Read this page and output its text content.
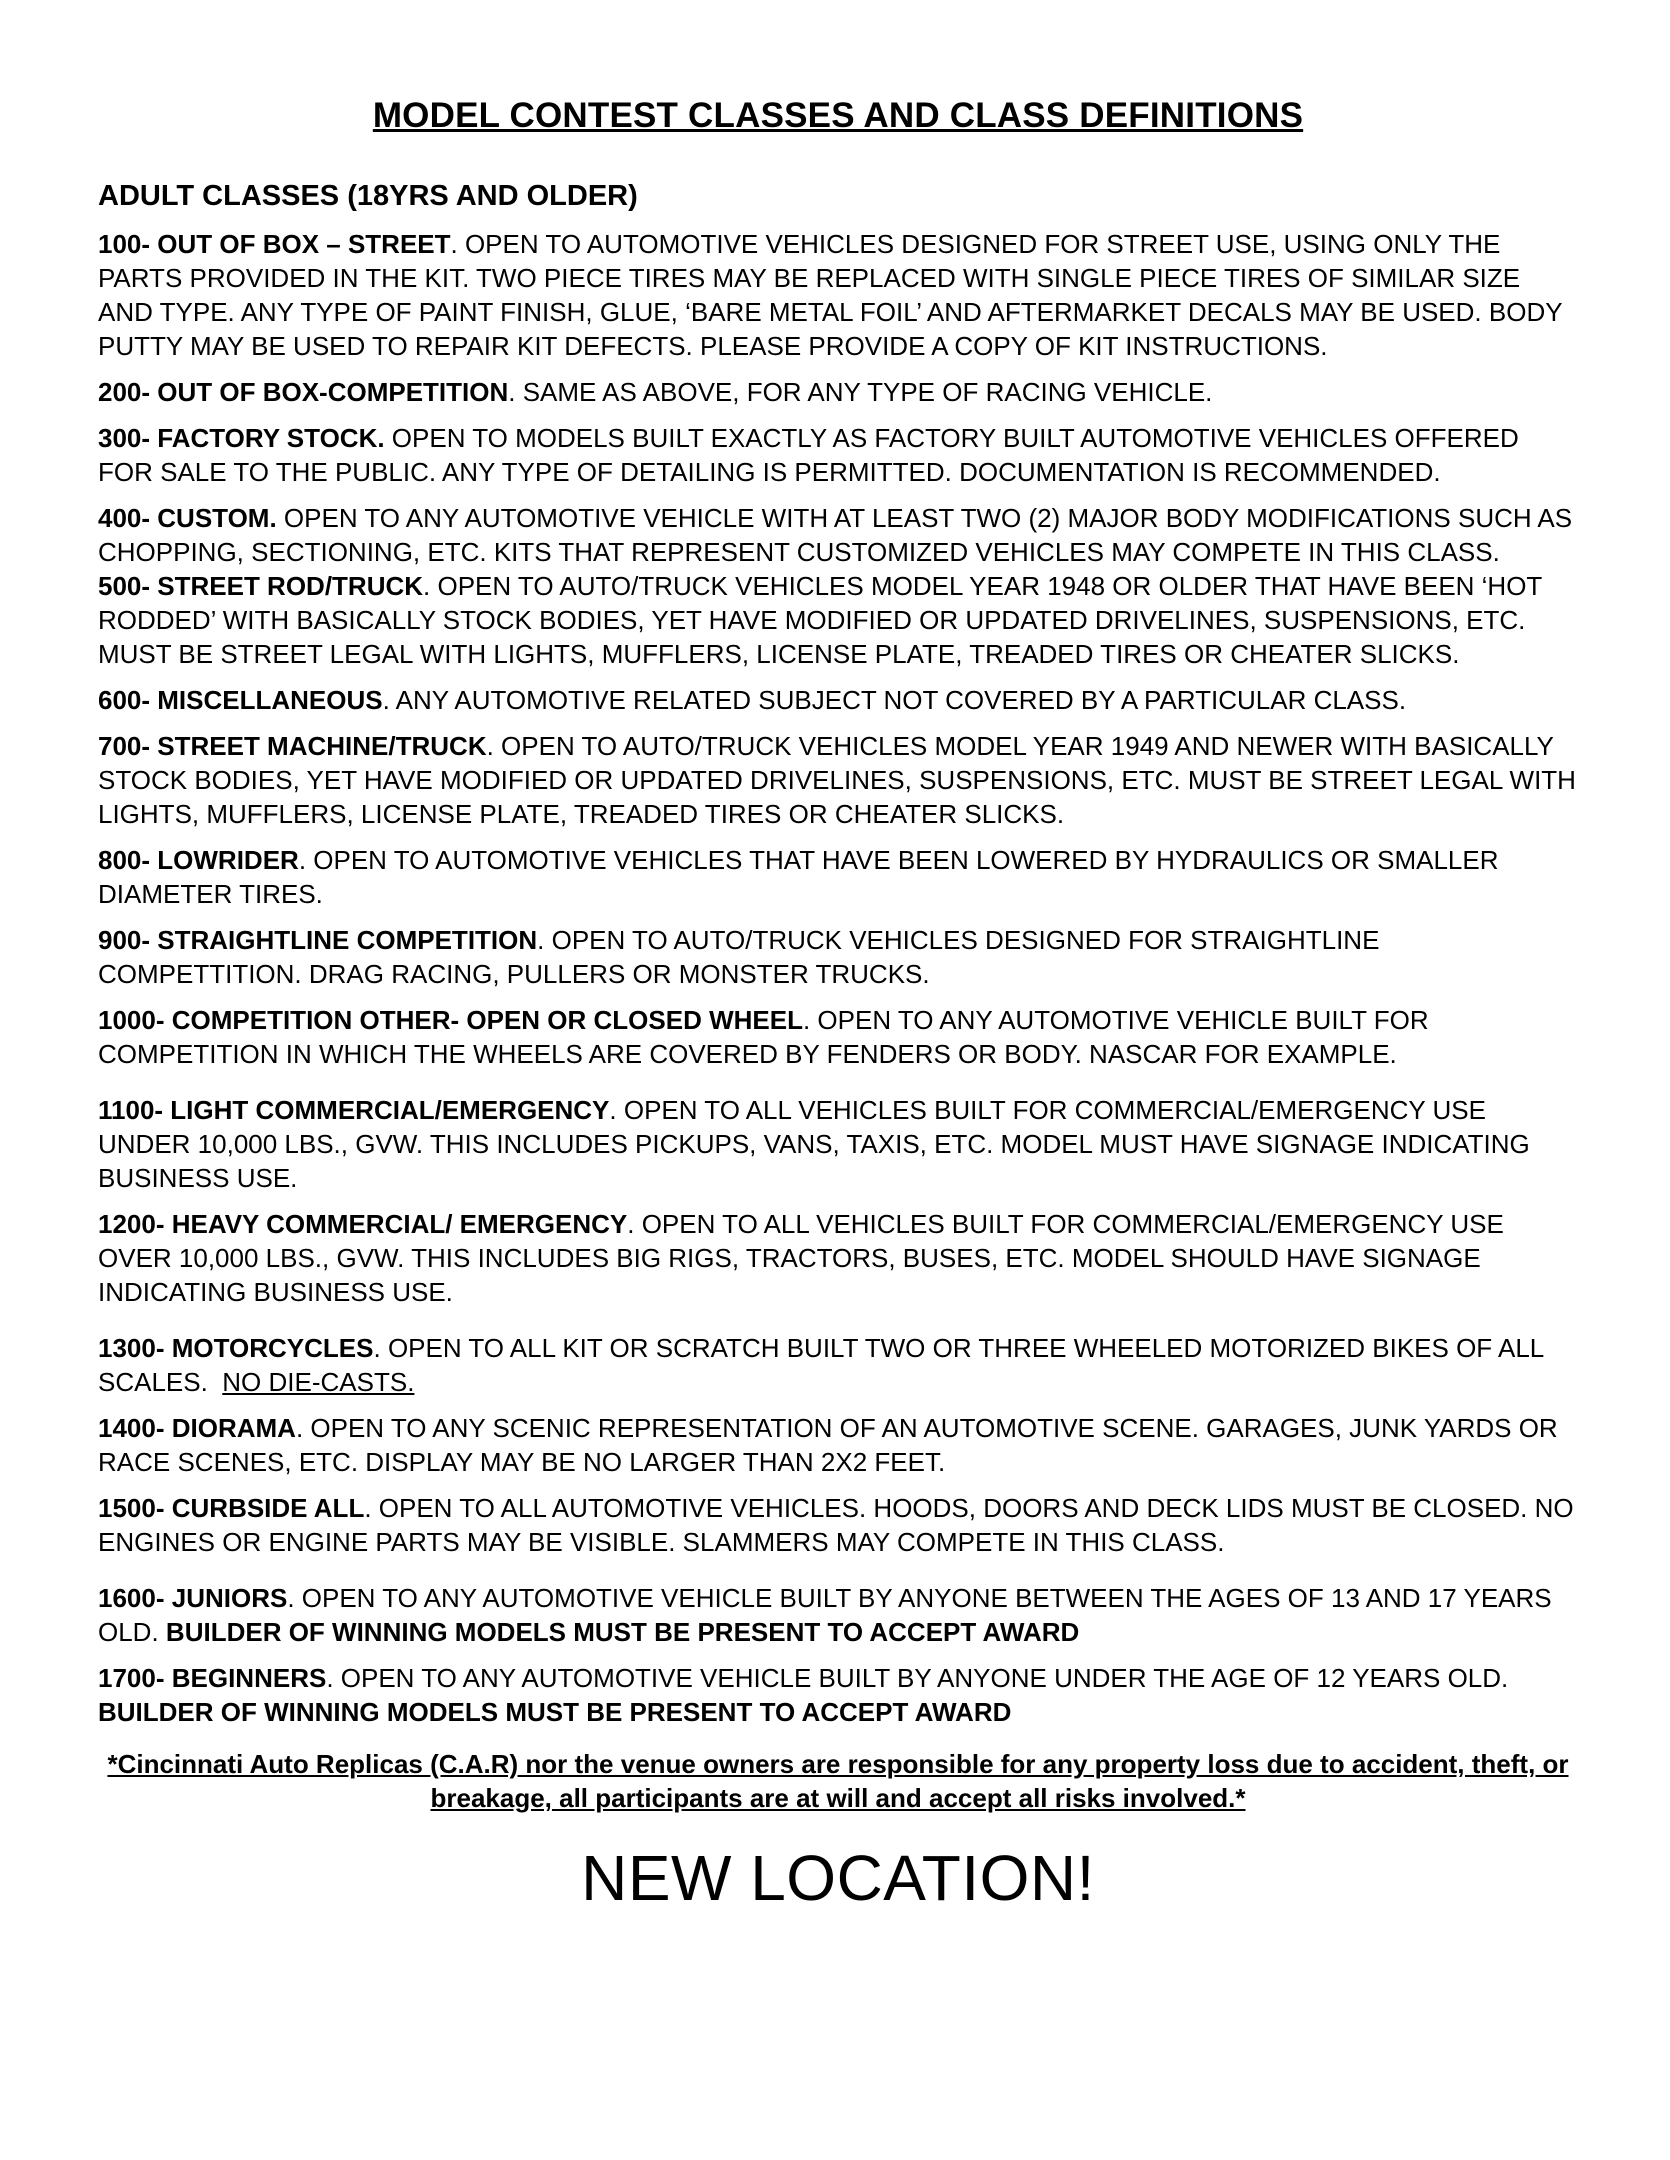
MODEL CONTEST CLASSES AND CLASS DEFINITIONS
ADULT CLASSES (18YRS AND OLDER)
100- OUT OF BOX – STREET. OPEN TO AUTOMOTIVE VEHICLES DESIGNED FOR STREET USE, USING ONLY THE PARTS PROVIDED IN THE KIT. TWO PIECE TIRES MAY BE REPLACED WITH SINGLE PIECE TIRES OF SIMILAR SIZE AND TYPE. ANY TYPE OF PAINT FINISH, GLUE, ‘BARE METAL FOIL’ AND AFTERMARKET DECALS MAY BE USED. BODY PUTTY MAY BE USED TO REPAIR KIT DEFECTS. PLEASE PROVIDE A COPY OF KIT INSTRUCTIONS.
200- OUT OF BOX-COMPETITION. SAME AS ABOVE, FOR ANY TYPE OF RACING VEHICLE.
300- FACTORY STOCK. OPEN TO MODELS BUILT EXACTLY AS FACTORY BUILT AUTOMOTIVE VEHICLES OFFERED FOR SALE TO THE PUBLIC. ANY TYPE OF DETAILING IS PERMITTED. DOCUMENTATION IS RECOMMENDED.
400- CUSTOM. OPEN TO ANY AUTOMOTIVE VEHICLE WITH AT LEAST TWO (2) MAJOR BODY MODIFICATIONS SUCH AS CHOPPING, SECTIONING, ETC. KITS THAT REPRESENT CUSTOMIZED VEHICLES MAY COMPETE IN THIS CLASS.
500- STREET ROD/TRUCK. OPEN TO AUTO/TRUCK VEHICLES MODEL YEAR 1948 OR OLDER THAT HAVE BEEN ‘HOT RODDED’ WITH BASICALLY STOCK BODIES, YET HAVE MODIFIED OR UPDATED DRIVELINES, SUSPENSIONS, ETC. MUST BE STREET LEGAL WITH LIGHTS, MUFFLERS, LICENSE PLATE, TREADED TIRES OR CHEATER SLICKS.
600- MISCELLANEOUS. ANY AUTOMOTIVE RELATED SUBJECT NOT COVERED BY A PARTICULAR CLASS.
700- STREET MACHINE/TRUCK. OPEN TO AUTO/TRUCK VEHICLES MODEL YEAR 1949 AND NEWER WITH BASICALLY STOCK BODIES, YET HAVE MODIFIED OR UPDATED DRIVELINES, SUSPENSIONS, ETC. MUST BE STREET LEGAL WITH LIGHTS, MUFFLERS, LICENSE PLATE, TREADED TIRES OR CHEATER SLICKS.
800- LOWRIDER. OPEN TO AUTOMOTIVE VEHICLES THAT HAVE BEEN LOWERED BY HYDRAULICS OR SMALLER DIAMETER TIRES.
900- STRAIGHTLINE COMPETITION. OPEN TO AUTO/TRUCK VEHICLES DESIGNED FOR STRAIGHTLINE COMPETTITION. DRAG RACING, PULLERS OR MONSTER TRUCKS.
1000- COMPETITION OTHER- OPEN OR CLOSED WHEEL. OPEN TO ANY AUTOMOTIVE VEHICLE BUILT FOR COMPETITION IN WHICH THE WHEELS ARE COVERED BY FENDERS OR BODY. NASCAR FOR EXAMPLE.
1100- LIGHT COMMERCIAL/EMERGENCY. OPEN TO ALL VEHICLES BUILT FOR COMMERCIAL/EMERGENCY USE UNDER 10,000 LBS., GVW. THIS INCLUDES PICKUPS, VANS, TAXIS, ETC. MODEL MUST HAVE SIGNAGE INDICATING BUSINESS USE.
1200- HEAVY COMMERCIAL/ EMERGENCY. OPEN TO ALL VEHICLES BUILT FOR COMMERCIAL/EMERGENCY USE OVER 10,000 LBS., GVW. THIS INCLUDES BIG RIGS, TRACTORS, BUSES, ETC. MODEL SHOULD HAVE SIGNAGE INDICATING BUSINESS USE.
1300- MOTORCYCLES. OPEN TO ALL KIT OR SCRATCH BUILT TWO OR THREE WHEELED MOTORIZED BIKES OF ALL SCALES.  NO DIE-CASTS.
1400- DIORAMA. OPEN TO ANY SCENIC REPRESENTATION OF AN AUTOMOTIVE SCENE. GARAGES, JUNK YARDS OR RACE SCENES, ETC. DISPLAY MAY BE NO LARGER THAN 2X2 FEET.
1500- CURBSIDE ALL. OPEN TO ALL AUTOMOTIVE VEHICLES. HOODS, DOORS AND DECK LIDS MUST BE CLOSED. NO ENGINES OR ENGINE PARTS MAY BE VISIBLE. SLAMMERS MAY COMPETE IN THIS CLASS.
1600- JUNIORS. OPEN TO ANY AUTOMOTIVE VEHICLE BUILT BY ANYONE BETWEEN THE AGES OF 13 AND 17 YEARS OLD. BUILDER OF WINNING MODELS MUST BE PRESENT TO ACCEPT AWARD
1700- BEGINNERS. OPEN TO ANY AUTOMOTIVE VEHICLE BUILT BY ANYONE UNDER THE AGE OF 12 YEARS OLD. BUILDER OF WINNING MODELS MUST BE PRESENT TO ACCEPT AWARD
*Cincinnati Auto Replicas (C.A.R) nor the venue owners are responsible for any property loss due to accident, theft, or breakage, all participants are at will and accept all risks involved.*
NEW LOCATION!
